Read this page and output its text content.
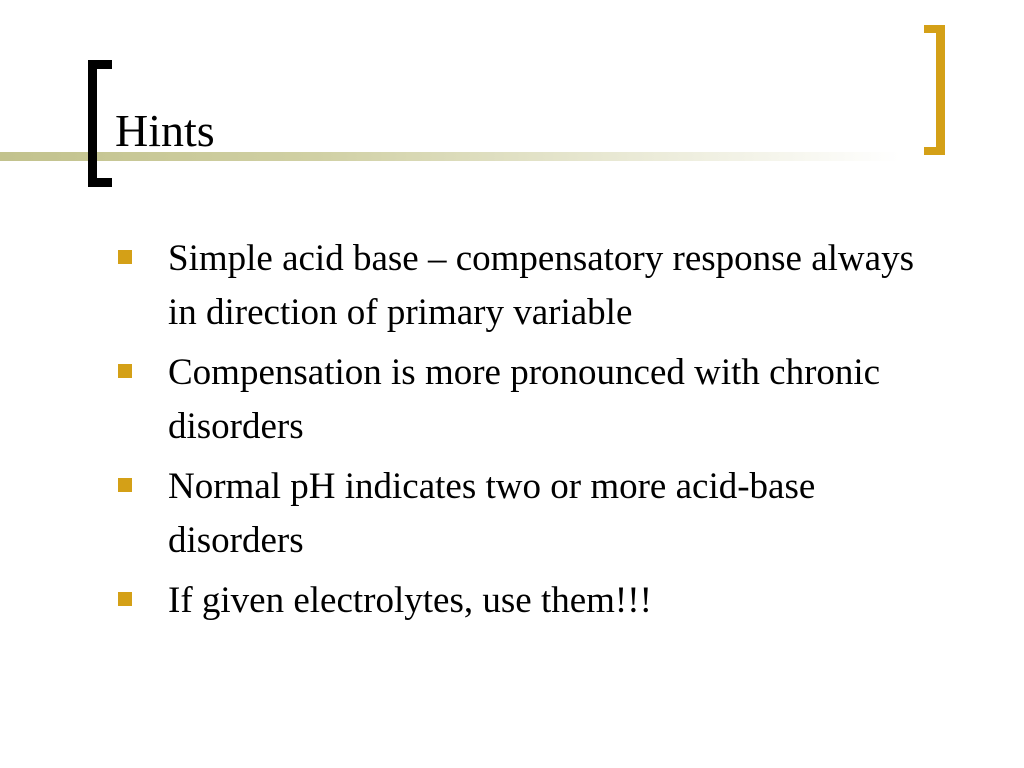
Hints
Simple acid base – compensatory response always in direction of primary variable
Compensation is more pronounced with chronic disorders
Normal pH indicates two or more acid-base disorders
If given electrolytes, use them!!!
